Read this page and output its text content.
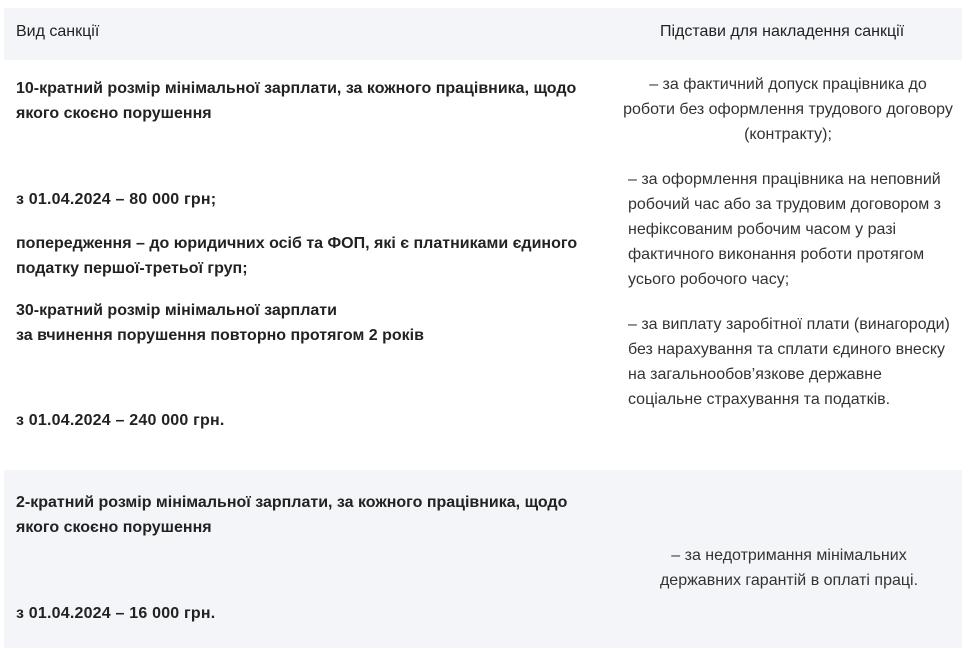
Вид санкції	Підстави для накладення санкції
10-кратний розмір мінімальної зарплати, за кожного працівника, щодо якого скоєно порушення
з 01.04.2024 – 80 000 грн;
попередження – до юридичних осіб та ФОП, які є платниками єдиного податку першої-третьої груп;
30-кратний розмір мінімальної зарплати
за вчинення порушення повторно протягом 2 років
з 01.04.2024 – 240 000 грн.
– за фактичний допуск працівника до роботи без оформлення трудового договору (контракту);
– за оформлення працівника на неповний робочий час або за трудовим договором з нефіксованим робочим часом у разі фактичного виконання роботи протягом усього робочого часу;
– за виплату заробітної плати (винагороди) без нарахування та сплати єдиного внеску на загальнообов’язкове державне соціальне страхування та податків.
2-кратний розмір мінімальної зарплати, за кожного працівника, щодо якого скоєно порушення
з 01.04.2024 – 16 000 грн.
– за недотримання мінімальних державних гарантій в оплаті праці.
